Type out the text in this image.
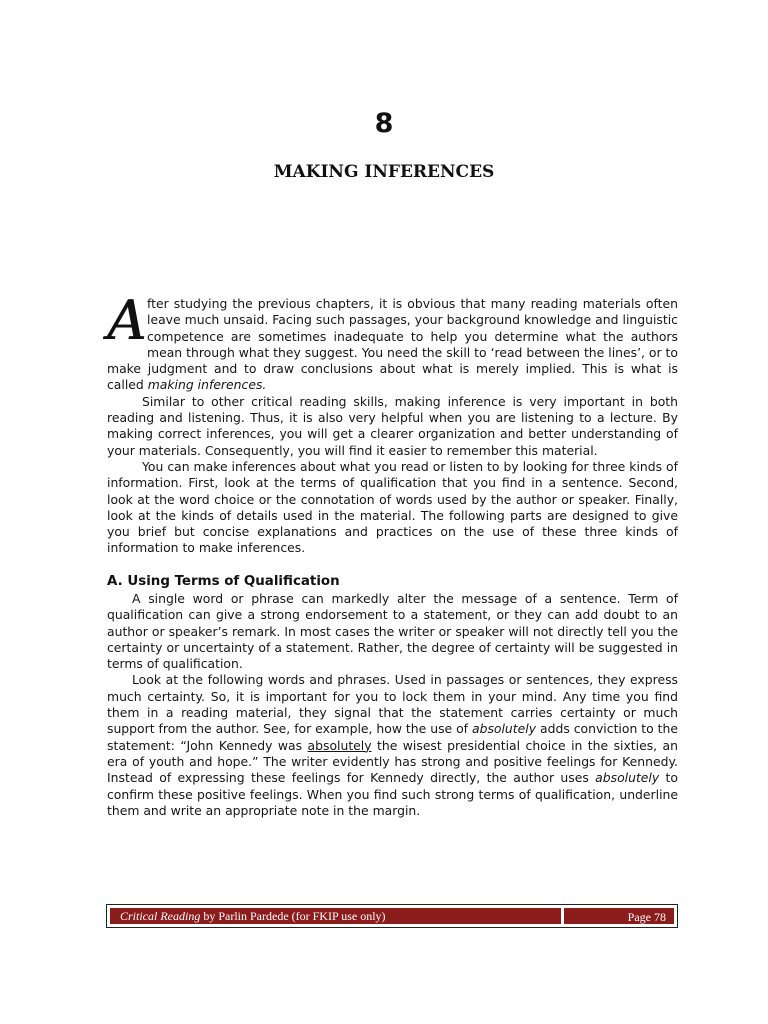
8
MAKING INFERENCES

After studying the previous chapters, it is obvious that many reading materials often leave much unsaid. Facing such passages, your background knowledge and linguistic competence are sometimes inadequate to help you determine what the authors mean through what they suggest. You need the skill to ‘read between the lines’, or to make judgment and to draw conclusions about what is merely implied. This is what is called making inferences.

Similar to other critical reading skills, making inference is very important in both reading and listening. Thus, it is also very helpful when you are listening to a lecture. By making correct inferences, you will get a clearer organization and better understanding of your materials. Consequently, you will find it easier to remember this material.

You can make inferences about what you read or listen to by looking for three kinds of information. First, look at the terms of qualification that you find in a sentence. Second, look at the word choice or the connotation of words used by the author or speaker. Finally, look at the kinds of details used in the material. The following parts are designed to give you brief but concise explanations and practices on the use of these three kinds of information to make inferences.

A. Using Terms of Qualification

A single word or phrase can markedly alter the message of a sentence. Term of qualification can give a strong endorsement to a statement, or they can add doubt to an author or speaker’s remark. In most cases the writer or speaker will not directly tell you the certainty or uncertainty of a statement. Rather, the degree of certainty will be suggested in terms of qualification.

Look at the following words and phrases. Used in passages or sentences, they express much certainty. So, it is important for you to lock them in your mind. Any time you find them in a reading material, they signal that the statement carries certainty or much support from the author. See, for example, how the use of absolutely adds conviction to the statement: “John Kennedy was absolutely the wisest presidential choice in the sixties, an era of youth and hope.” The writer evidently has strong and positive feelings for Kennedy. Instead of expressing these feelings for Kennedy directly, the author uses absolutely to confirm these positive feelings. When you find such strong terms of qualification, underline them and write an appropriate note in the margin.

Critical Reading by Parlin Pardede (for FKIP use only)	Page 78
